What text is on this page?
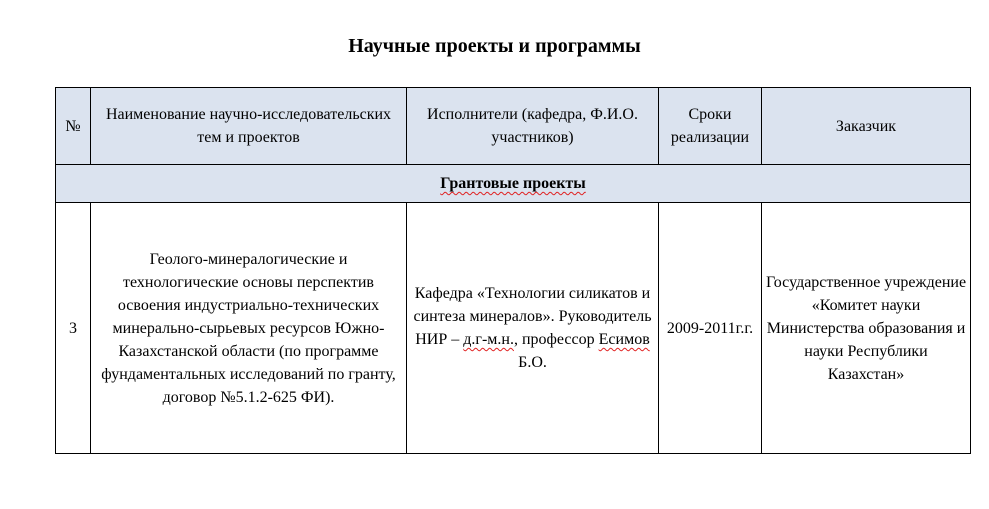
Научные проекты и программы
№	Наименование научно-исследовательских тем и проектов	Исполнители (кафедра, Ф.И.О. участников)	Сроки реализации	Заказчик
Грантовые проекты				
3	Геолого-минералогические и технологические основы перспектив освоения индустриально-технических минерально-сырьевых ресурсов Южно-Казахстанской области (по программе фундаментальных исследований по гранту, договор №5.1.2-625 ФИ).	Кафедра «Технологии силикатов и синтеза минералов». Руководитель НИР – д.г-м.н., профессор Есимов Б.О.	2009-2011г.г.	Государственное учреждение «Комитет науки Министерства образования и науки Республики Казахстан»
